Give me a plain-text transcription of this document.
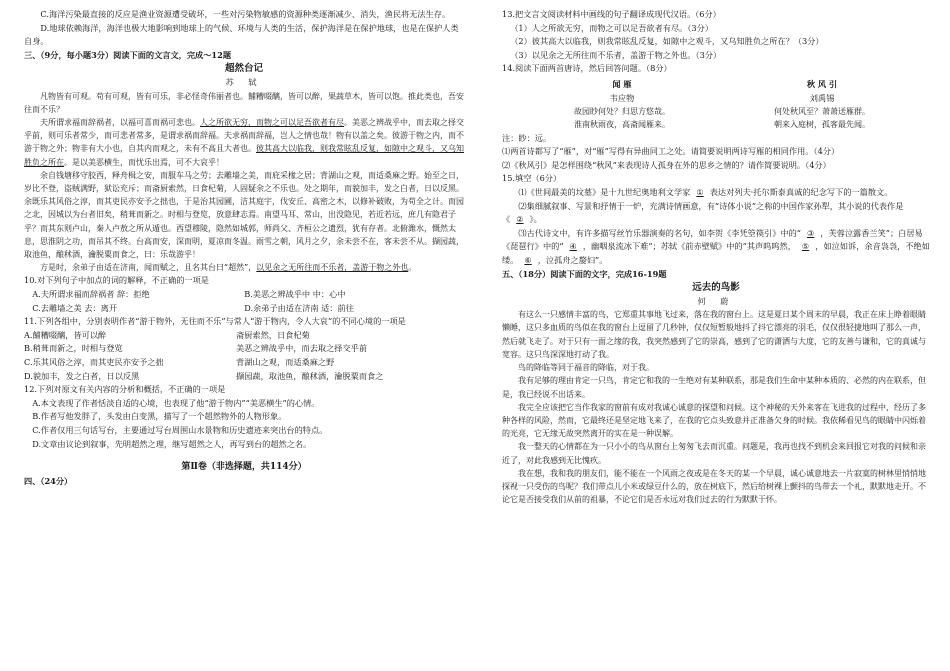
C.海洋污染最直接的反应是渔业资源遭受破坏，一些对污染物敏感的资源种类逐渐减少、消失，渔民将无法生存。

D.地球依赖海洋，海洋也极大地影响到地球上的气候、环境与人类的生活，保护海洋是在保护地球，也是在保护人类自身。

三、（9分，每小题3分）阅读下面的文言文，完成～12题

超然台记

苏 轼

凡物皆有可观。苟有可观，皆有可乐，非必怪奇伟丽者也。餔糟啜醨，皆可以醉，果蔬草木，皆可以饱。推此类也，吾安往而不乐？

夫所谓求福而辞祸者，以福可喜而祸可悲也。人之所欲无穷，而物之可以足吾欲者有尽。美恶之辨战乎中，而去取之择交乎前，则可乐者常少，而可悲者常多，是谓求祸而辞福。夫求祸而辞福，岂人之情也哉！物有以盖之矣。彼游于物之内，而不游于物之外；物非有大小也，自其内而观之，未有不高且大者也。彼其高大以临我，则我常眩乱反复，如隙中之观斗，又乌知胜负之所在。是以美恶横生，而忧乐出焉，可不大哀乎！

余自钱塘移守胶西，释舟楫之安，而服车马之劳；去雕墙之美，而庇采椽之居；背湖山之观，而适桑麻之野。始至之日，岁比不登，盗贼满野，狱讼充斥；而斋厨索然，日食杞菊，人固疑余之不乐也。处之期年，而貌加丰，发之白者，日以反黑。余既乐其风俗之淳，而其吏民亦安予之拙也，于是治其园圃，洁其庭宇，伐安丘、高密之木，以修补破败，为苟全之计。而园之北，因城以为台者旧矣，稍葺而新之。时相与登览，放意肆志焉。南望马耳、常山，出没隐见，若近若远，庶几有隐君子乎？而其东则卢山，秦人卢敖之所从遁也。西望穆陵，隐然如城郭，师尚父、齐桓公之遗烈，犹有存者。北俯潍水，慨然太息，思淮阴之功，而吊其不终。台高而安，深而明，夏凉而冬温。雨雪之朝，风月之夕，余未尝不在，客未尝不从。撷园蔬，取池鱼，酿秫酒，瀹脱粟而食之，曰：乐哉游乎！

方是时，余弟子由适在济南，闻而赋之，且名其台曰“超然”，以见余之无所往而不乐者，盖游于物之外也。

10.对下列句子中加点的词的解释，不正确的一项是

A.夫所谓求福而辞祸者 辞：拒绝	B.美恶之辨战乎中 中：心中
C.去雕墙之美 去：离开	D.余弟子由适在济南 适：前往

11.下列各组中，分别表明作者“游于物外，无往而不乐”与常人“游于物内，令人大哀”的不同心境的一项是

A.餔糟啜醨，皆可以醉	斋厨索然，日食杞菊
B.稍葺而新之，时相与登览	美恶之辨战乎中，而去取之择交乎前
C.乐其风俗之淳，而其吏民亦安予之拙	背湖山之观，而适桑麻之野
D.貌加丰，发之白者，日以反黑	撷园蔬，取池鱼，酿秫酒，瀹脱粟而食之

12.下列对原文有关内容的分析和概括，不正确的一项是

A.本文表现了作者恬淡自适的心境，也表现了他“游于物内”“美恶横生”的心情。

B.作者写他发胖了，头发由白变黑，描写了一个超然物外的人物形象。

C.作者仅用三句话写台，主要通过写台周围山水景物和历史遗迹来突出台的特点。

D.文章由议论到叙事，先明超然之理，继写超然之人，再写到台的超然之名。

第Ⅱ卷（非选择题，共114分）

四、（24分）

13.把文言文阅读材料中画线的句子翻译成现代汉语。（6分）

（1）人之所欲无穷，而物之可以足吾欲者有尽。（3分）

（2）彼其高大以临我，则我常眩乱反复，如隙中之观斗，又乌知胜负之所在？（3分）

（3）以见余之无所往而不乐者，盖游于物之外也。（3分）

14.阅读下面两首唐诗，然后回答问题。（8分）

闻 雁	秋 风 引
韦应物	刘禹锡
故园眇何处？归思方悠哉。	何处秋风至？萧萧送雁群。
淮南秋雨夜，高斋闻雁来。	朝来入庭树，孤客最先闻。

注：眇：远。

⑴两首诗都写了“雁”，对“雁”写得有异曲同工之处。请简要说明两诗写雁的相同作用。（4分）

⑵《秋风引》是怎样围绕“秋风”来表现诗人孤身在外的思乡之情的？请作简要说明。（4分）

15.填空（6分）

⑴《世间最美的坟墓》是十九世纪奥地利文学家 ① 表达对列夫·托尔斯泰真诚的纪念写下的一篇散文。

⑵集细腻叙事、写景和抒情于一炉，充满诗情画意，有“诗体小说”之称的中国作家孙犁，其小说的代表作是《 ② 》。

⑶古代诗文中，有许多描写丝竹乐器演奏的名句，如李贺《李凭箜篌引》中的“ ③ ，芙蓉泣露香兰笑”；白居易《琵琶行》中的“ ④ ，幽咽泉流冰下难”；苏轼《前赤壁赋》中的“其声呜呜然， ⑤ ，如泣如诉，余音袅袅，不绝如缕。 ⑥ ，泣孤舟之嫠妇”。

五、（18分）阅读下面的文字，完成16-19题

远去的鸟影

何 蔚

有这么一只感情丰富的鸟，它郑重其事地飞过来，落在我的窗台上。这是夏日某个周末的早晨，我正在床上睁着眼睛懒睡，这只多血质的鸟似在我的窗台上逗留了几秒钟，仅仅短暂般地抖了抖它漂亮的羽毛，仅仅很轻捷地叫了那么一声，然后就飞走了。对于只有一面之缘的我，我突然感到了它的崇高，感到了它的潇洒与大度，它的友善与谦和，它的真诚与宽容。这只鸟深深地打动了我。

鸟的降临等同于福音的降临，对于我。

我有足够的理由肯定一只鸟，肯定它和我的一生绝对有某种联系，那是我们生命中某种本质的、必然的内在联系，但是，我已经说不出话来。

我完全应该把它当作我家的窗前有成对我诚心诚意的探望和问候。这个神秘的天外来客在飞进我的过程中，经历了多种各样的风险，然而，它最终还是坚定地飞来了，在我的它点头致意并正准备欠身的时候。我依稀看见鸟的眼睛中闪烁着的光亮，它无缘无故突然离开的实在是一种误解。

我一整天的心情都在为一只小小的鸟从窗台上匆匆飞去而沉重。问题是，我再也找不到机会来回报它对我的问候和亲近了，对此我感到无比愧疚。

我在想，我和我的朋友们，能不能在一个风雨之夜或是在冬天的某一个早晨，诚心诚意地去一片寂寞的树林里悄悄地探视一只受伤的鸟呢？我们带点儿小米或绿豆什么的，放在树底下，然后给树裸上颤抖的鸟带去一个礼，默默地走开。不论它是否接受我们从前的祖暴，不论它们是否永远对我们过去的行为默默于怀。
